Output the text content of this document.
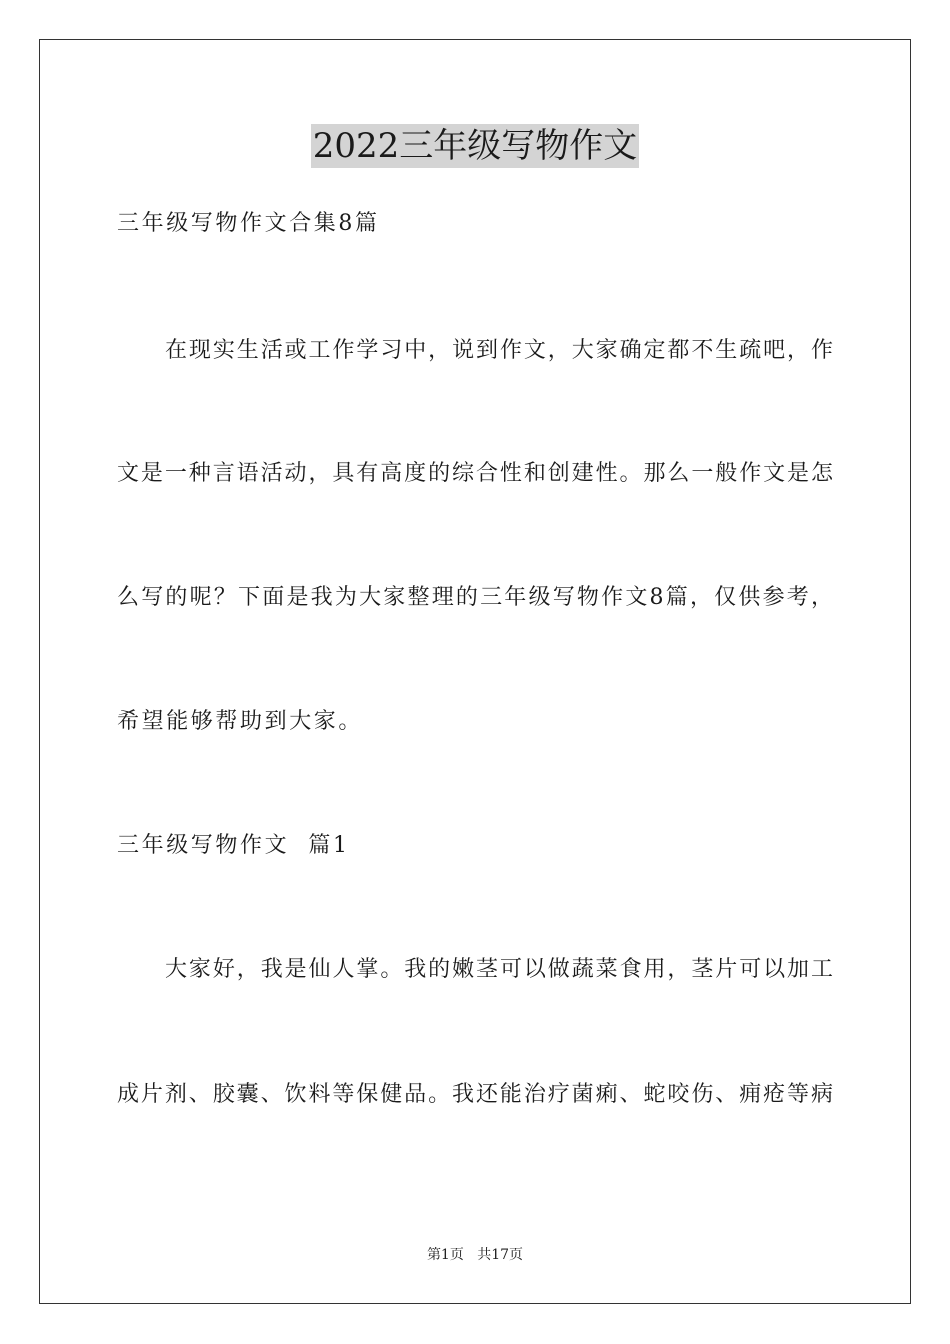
2022三年级写物作文
三年级写物作文合集8篇
在现实生活或工作学习中，说到作文，大家确定都不生疏吧，作
文是一种言语活动，具有高度的综合性和创建性。那么一般作文是怎
么写的呢？下面是我为大家整理的三年级写物作文8篇，仅供参考，
希望能够帮助到大家。
三年级写物作文  篇1
大家好，我是仙人掌。我的嫩茎可以做蔬菜食用，茎片可以加工
成片剂、胶囊、饮料等保健品。我还能治疗菌痢、蛇咬伤、痈疮等病
第1页 共17页
